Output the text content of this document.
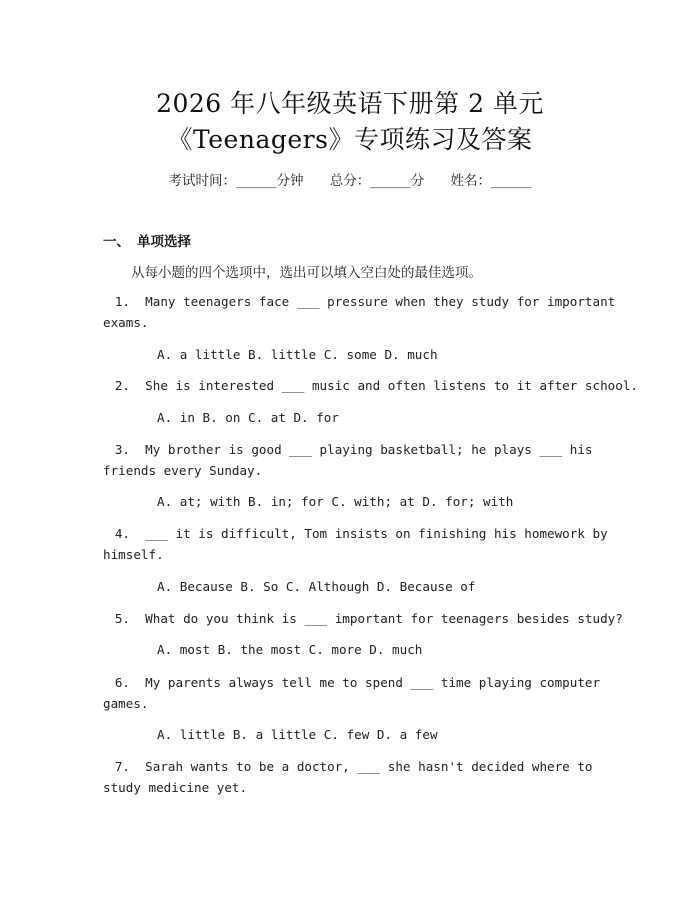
2026 年八年级英语下册第 2 单元
《Teenagers》专项练习及答案
考试时间：______分钟 总分：______分 姓名：______
一、 单项选择
从每小题的四个选项中，选出可以填入空白处的最佳选项。
1. Many teenagers face ___ pressure when they study for important
exams.
A. a little B. little C. some D. much
2. She is interested ___ music and often listens to it after school.
A. in B. on C. at D. for
3. My brother is good ___ playing basketball; he plays ___ his
friends every Sunday.
A. at; with B. in; for C. with; at D. for; with
4. ___ it is difficult, Tom insists on finishing his homework by
himself.
A. Because B. So C. Although D. Because of
5. What do you think is ___ important for teenagers besides study?
A. most B. the most C. more D. much
6. My parents always tell me to spend ___ time playing computer
games.
A. little B. a little C. few D. a few
7. Sarah wants to be a doctor, ___ she hasn't decided where to
study medicine yet.
